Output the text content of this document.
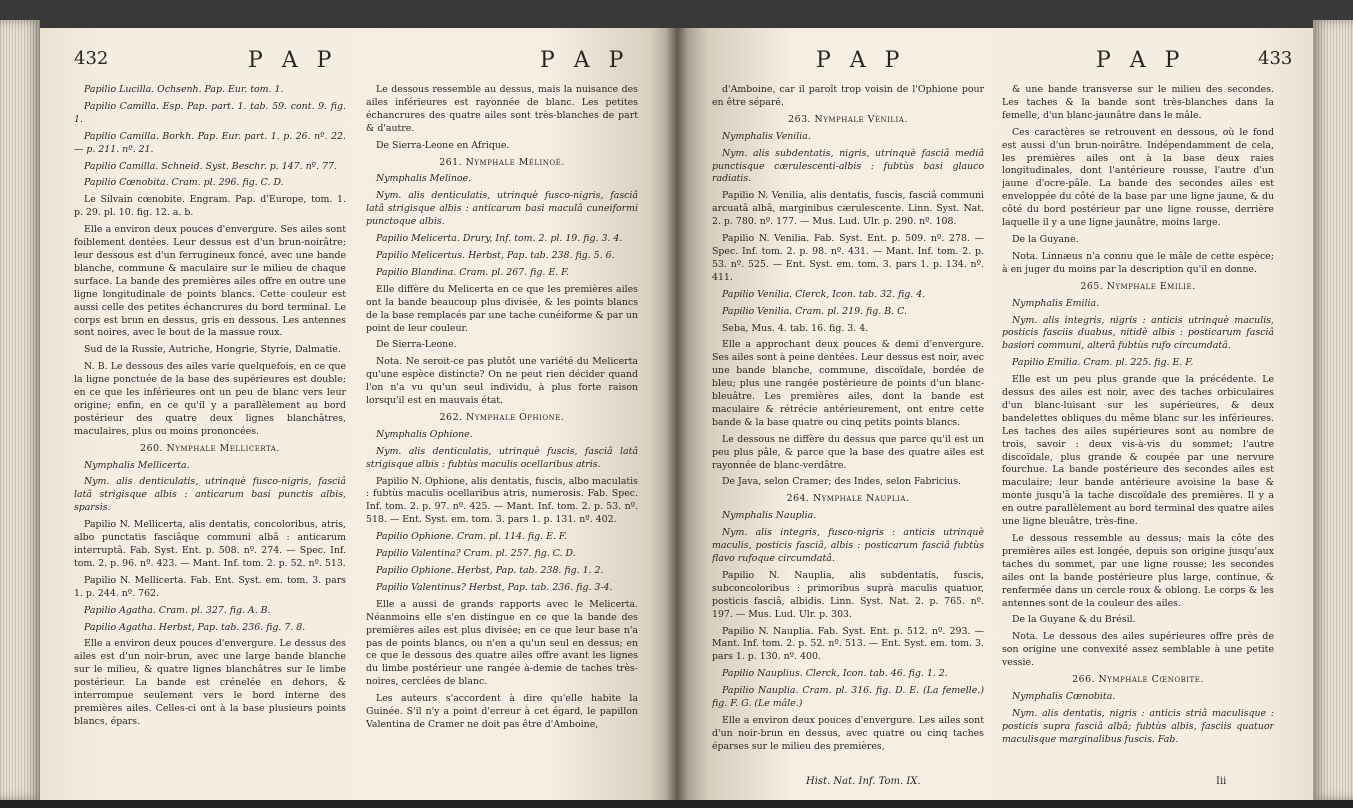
432	P A P	P A P

Papilio Lucilla. Ochsenh. Pap. Eur. tom. 1.

Papilio Camilla. Esp. Pap. part. 1. tab. 59. cont. 9. fig. 1.

Papilio Camilla. Borkh. Pap. Eur. part. 1. p. 26. nº. 22. — p. 211. nº. 21.

Papilio Camilla. Schneid. Syst. Beschr. p. 147. nº. 77.

Papilio Cœnobita. Cram. pl. 296. fig. C. D.

Le Silvain cœnobite. Engram. Pap. d'Europe, tom. 1. p. 29. pl. 10. fig. 12. a. b.

Elle a environ deux pouces d'envergure. Ses ailes sont foiblement dentées. Leur dessus est d'un brun-noirâtre; leur dessous est d'un ferrugineux foncé, avec une bande blanche, commune & maculaire sur le milieu de chaque surface. La bande des premières ailes offre en outre une ligne longitudinale de points blancs. Cette couleur est aussi celle des petites échancrures du bord terminal. Le corps est brun en dessus, gris en dessous. Les antennes sont noires, avec le bout de la massue roux.

Sud de la Russie, Autriche, Hongrie, Styrie, Dalmatie.

N. B. Le dessous des ailes varie quelquefois, en ce que la ligne ponctuée de la base des supérieures est double; en ce que les inférieures ont un peu de blanc vers leur origine; enfin, en ce qu'il y a parallèlement au bord postérieur des quatre deux lignes blanchâtres, maculaires, plus ou moins prononcées.

260. Nymphale Mellicerta.

Nymphalis Mellicerta.

Nym. alis denticulatis, utrinquè fusco-nigris, fasciâ latâ strigisque albis : anticarum basi punctis albis, sparsis.

Papilio N. Mellicerta, alis dentatis, concoloribus, atris, albo punctatis fasciâque communi albâ : anticarum interruptâ. Fab. Syst. Ent. p. 508. nº. 274. — Spec. Inf. tom. 2. p. 96. nº. 423. — Mant. Inf. tom. 2. p. 52. nº. 513.

Papilio N. Mellicerta. Fab. Ent. Syst. em. tom. 3. pars 1. p. 244. nº. 762.

Papilio Agatha. Cram. pl. 327. fig. A. B.

Papilio Agatha. Herbst, Pap. tab. 236. fig. 7. 8.

Elle a environ deux pouces d'envergure. Le dessus des ailes est d'un noir-brun, avec une large bande blanche sur le milieu, & quatre lignes blanchâtres sur le limbe postérieur. La bande est crénelée en dehors, & interrompue seulement vers le bord interne des premières ailes. Celles-ci ont à la base plusieurs points blancs, épars.

Le dessous ressemble au dessus, mais la nuisance des ailes inférieures est rayonnée de blanc. Les petites échancrures des quatre ailes sont très-blanches de part & d'autre.

De Sierra-Leone en Afrique.

261. Nymphale Mélinoé.

Nymphalis Melinoe.

Nym. alis denticulatis, utrinquè fusco-nigris, fasciâ latâ strigisque albis : anticarum basi maculâ cuneiformi punctoque albis.

Papilio Melicerta. Drury, Inf. tom. 2. pl. 19. fig. 3. 4.

Papilio Melicertus. Herbst, Pap. tab. 238. fig. 5. 6.

Papilio Blandina. Cram. pl. 267. fig. E. F.

Elle diffère du Melicerta en ce que les premières ailes ont la bande beaucoup plus divisée, & les points blancs de la base remplacés par une tache cunéiforme & par un point de leur couleur.

De Sierra-Leone.

Nota. Ne seroit-ce pas plutôt une variété du Melicerta qu'une espèce distincte? On ne peut rien décider quand l'on n'a vu qu'un seul individu, à plus forte raison lorsqu'il est en mauvais état.

262. Nymphale Ophione.

Nymphalis Ophione.

Nym. alis denticulatis, utrinquè fuscis, fasciâ latâ strigisque albis : fubtùs maculis ocellaribus atris.

Papilio N. Ophione, alis dentatis, fuscis, albo maculatis : fubtùs maculis ocellaribus atris, numerosis. Fab. Spec. Inf. tom. 2. p. 97. nº. 425. — Mant. Inf. tom. 2. p. 53. nº. 518. — Ent. Syst. em. tom. 3. pars 1. p. 131. nº. 402.

Papilio Ophione. Cram. pl. 114. fig. E. F.

Papilio Valentina? Cram. pl. 257. fig. C. D.

Papilio Ophione. Herbst, Pap. tab. 238. fig. 1. 2.

Papilio Valentinus? Herbst, Pap. tab. 236. fig. 3-4.

Elle a aussi de grands rapports avec le Melicerta. Néanmoins elle s'en distingue en ce que la bande des premières ailes est plus divisée; en ce que leur base n'a pas de points blancs, ou n'en a qu'un seul en dessus; en ce que le dessous des quatre ailes offre avant les lignes du limbe postérieur une rangée à-demie de taches très-noires, cerclées de blanc.

Les auteurs s'accordent à dire qu'elle habite la Guinée. S'il n'y a point d'erreur à cet égard, le papillon Valentina de Cramer ne doit pas être d'Amboine,

P A P	P A P	433

d'Amboine, car il paroît trop voisin de l'Ophione pour en être séparé.

263. Nymphale Vénilia.

Nymphalis Venilia.

Nym. alis subdentatis, nigris, utrinquè fasciâ mediâ punctisque cærulescenti-albis : fubtùs basi glauco radiatis.

Papilio N. Venilia, alis dentatis, fuscis, fasciâ communi arcuatâ albâ, marginibus cærulescente. Linn. Syst. Nat. 2. p. 780. nº. 177. — Mus. Lud. Ulr. p. 290. nº. 108.

Papilio N. Venilia. Fab. Syst. Ent. p. 509. nº. 278. — Spec. Inf. tom. 2. p. 98. nº. 431. — Mant. Inf. tom. 2. p. 53. nº. 525. — Ent. Syst. em. tom. 3. pars 1. p. 134. nº. 411.

Papilio Venilia. Clerck, Icon. tab. 32. fig. 4.

Papilio Venilia. Cram. pl. 219. fig. B. C.

Seba, Mus. 4. tab. 16. fig. 3. 4.

Elle a approchant deux pouces & demi d'envergure. Ses ailes sont à peine dentées. Leur dessus est noir, avec une bande blanche, commune, discoïdale, bordée de bleu; plus une rangée postérieure de points d'un blanc-bleuâtre. Les premières ailes, dont la bande est maculaire & rétrécie antérieurement, ont entre cette bande & la base quatre ou cinq petits points blancs.

Le dessous ne diffère du dessus que parce qu'il est un peu plus pâle, & parce que la base des quatre ailes est rayonnée de blanc-verdâtre.

De Java, selon Cramer; des Indes, selon Fabricius.

264. Nymphale Nauplia.

Nymphalis Nauplia.

Nym. alis integris, fusco-nigris : anticis utrinquè maculis, posticis fasciâ, albis : posticarum fasciâ fubtùs flavo rufoque circumdatâ.

Papilio N. Nauplia, alis subdentatis, fuscis, subconcoloribus : primoribus suprà maculis quatuor, posticis fasciâ, albidis. Linn. Syst. Nat. 2. p. 765. nº. 197. — Mus. Lud. Ulr. p. 303.

Papilio N. Nauplia. Fab. Syst. Ent. p. 512. nº. 293. — Mant. Inf. tom. 2. p. 52. nº. 513. — Ent. Syst. em. tom. 3. pars 1. p. 130. nº. 400.

Papilio Nauplius. Clerck, Icon. tab. 46. fig. 1. 2.

Papilio Nauplia. Cram. pl. 316. fig. D. E. (La femelle.) fig. F. G. (Le mâle.)

Elle a environ deux pouces d'envergure. Les ailes sont d'un noir-brun en dessus, avec quatre ou cinq taches éparses sur le milieu des premières,

& une bande transverse sur le milieu des secondes. Les taches & la bande sont très-blanches dans la femelle, d'un blanc-jaunâtre dans le mâle.

Ces caractères se retrouvent en dessous, où le fond est aussi d'un brun-noirâtre. Indépendamment de cela, les premières ailes ont à la base deux raies longitudinales, dont l'antérieure rousse, l'autre d'un jaune d'ocre-pâle. La bande des secondes ailes est enveloppée du côté de la base par une ligne jaune, & du côté du bord postérieur par une ligne rousse, derrière laquelle il y a une ligne jaunâtre, moins large.

De la Guyane.

Nota. Linnæus n'a connu que le mâle de cette espèce; à en juger du moins par la description qu'il en donne.

265. Nymphale Emilie.

Nymphalis Emilia.

Nym. alis integris, nigris : anticis utrinquè maculis, posticis fasciis duabus, nitidè albis : posticarum fasciâ basiori communi, alterâ fubtùs rufo circumdatâ.

Papilio Emilia. Cram. pl. 225. fig. E. F.

Elle est un peu plus grande que la précédente. Le dessus des ailes est noir, avec des taches orbiculaires d'un blanc-luisant sur les supérieures, & deux bandelettes obliques du même blanc sur les inférieures. Les taches des ailes supérieures sont au nombre de trois, savoir : deux vis-à-vis du sommet; l'autre discoïdale, plus grande & coupée par une nervure fourchue. La bande postérieure des secondes ailes est maculaire; leur bande antérieure avoisine la base & monte jusqu'à la tache discoïdale des premières. Il y a en outre parallèlement au bord terminal des quatre ailes une ligne bleuâtre, très-fine.

Le dessous ressemble au dessus; mais la côte des premières ailes est longée, depuis son origine jusqu'aux taches du sommet, par une ligne rousse; les secondes ailes ont la bande postérieure plus large, continue, & renfermée dans un cercle roux & oblong. Le corps & les antennes sont de la couleur des ailes.

De la Guyane & du Brésil.

Nota. Le dessous des ailes supérieures offre près de son origine une convexité assez semblable à une petite vessie.

266. Nymphale Cœnobite.

Nymphalis Cœnobita.

Nym. alis dentatis, nigris : anticis striâ maculisque : posticis supra fasciâ albâ; fubtùs albis, fasciis quatuor maculisque marginalibus fuscis. Fab.

Hist. Nat. Inf. Tom. IX.	Iii
